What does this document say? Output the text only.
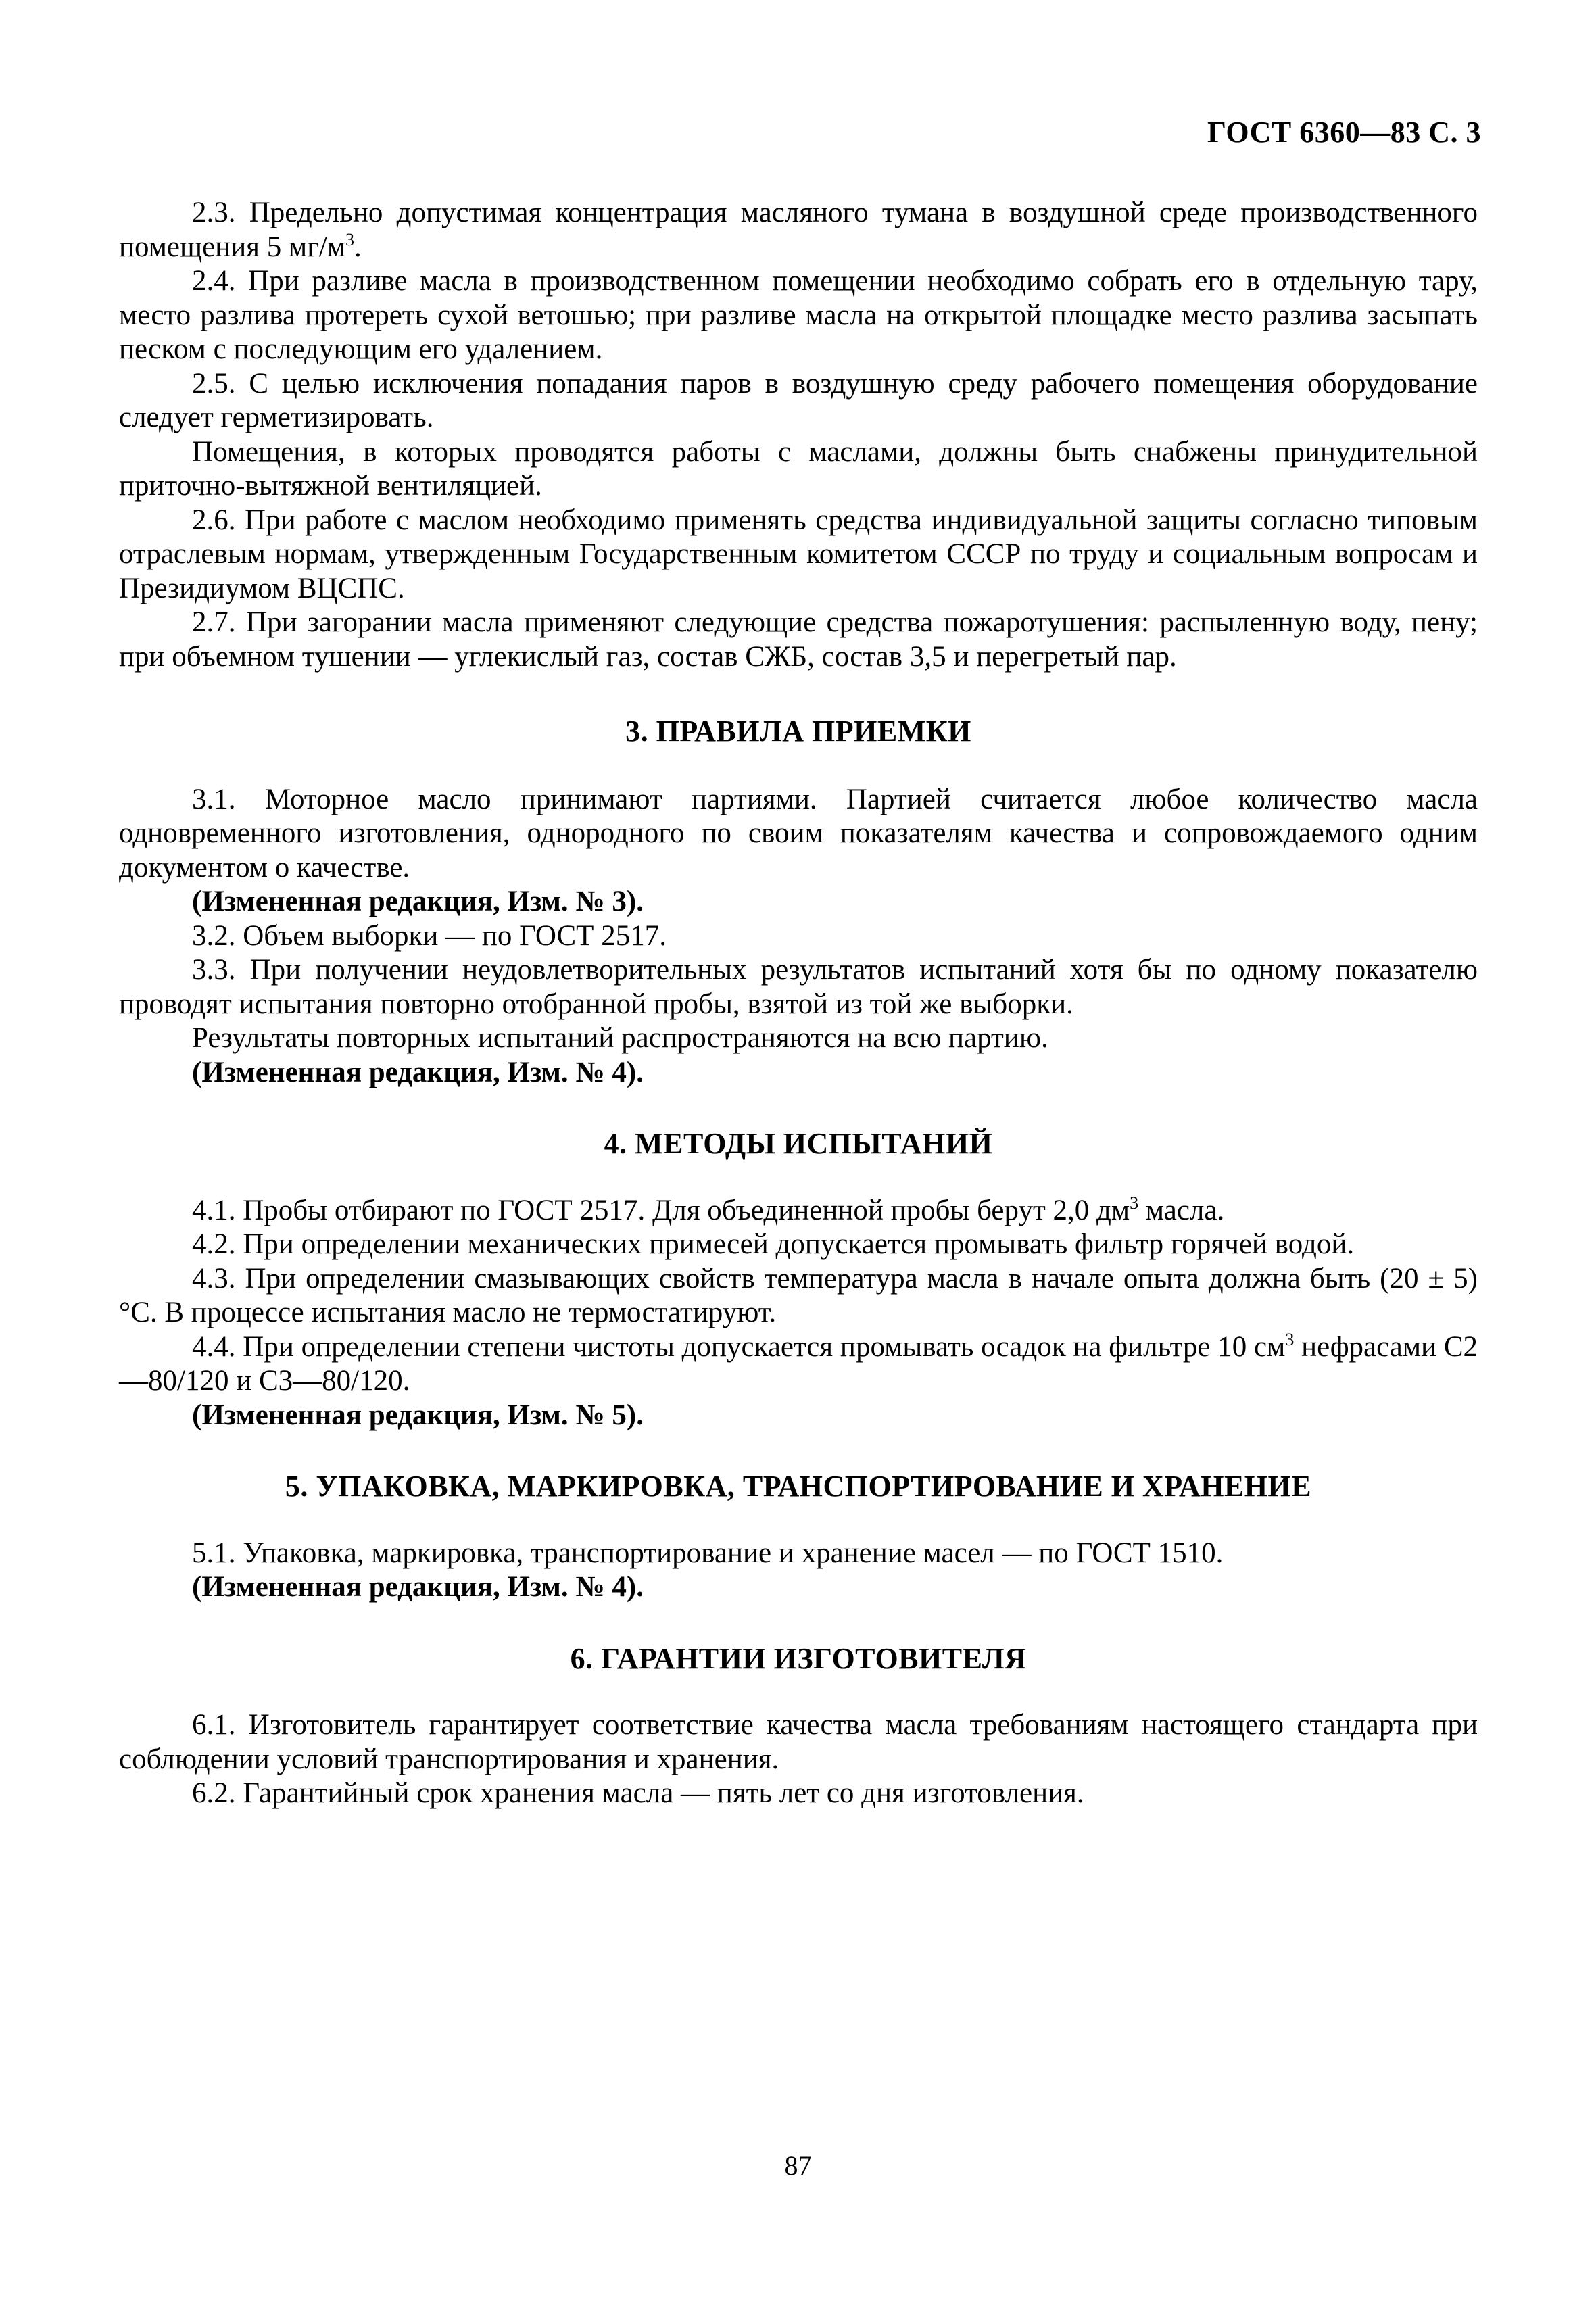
ГОСТ 6360—83 С. 3

2.3. Предельно допустимая концентрация масляного тумана в воздушной среде производственного помещения 5 $мг/м^3$.

2.4. При разливе масла в производственном помещении необходимо собрать его в отдельную тару, место разлива протереть сухой ветошью; при разливе масла на открытой площадке место разлива засыпать песком с последующим его удалением.

2.5. С целью исключения попадания паров в воздушную среду рабочего помещения оборудование следует герметизировать.

Помещения, в которых проводятся работы с маслами, должны быть снабжены принудительной приточно-вытяжной вентиляцией.

2.6. При работе с маслом необходимо применять средства индивидуальной защиты согласно типовым отраслевым нормам, утвержденным Государственным комитетом СССР по труду и социальным вопросам и Президиумом ВЦСПС.

2.7. При загорании масла применяют следующие средства пожаротушения: распыленную воду, пену; при объемном тушении — углекислый газ, состав СЖБ, состав 3,5 и перегретый пар.

3. ПРАВИЛА ПРИЕМКИ

3.1. Моторное масло принимают партиями. Партией считается любое количество масла одновременного изготовления, однородного по своим показателям качества и сопровождаемого одним документом о качестве.

(Измененная редакция, Изм. № 3).

3.2. Объем выборки — по ГОСТ 2517.

3.3. При получении неудовлетворительных результатов испытаний хотя бы по одному показателю проводят испытания повторно отобранной пробы, взятой из той же выборки.

Результаты повторных испытаний распространяются на всю партию.

(Измененная редакция, Изм. № 4).

4. МЕТОДЫ ИСПЫТАНИЙ

4.1. Пробы отбирают по ГОСТ 2517. Для объединенной пробы берут 2,0 $дм^3$ масла.

4.2. При определении механических примесей допускается промывать фильтр горячей водой.

4.3. При определении смазывающих свойств температура масла в начале опыта должна быть (20 ± 5) °С. В процессе испытания масло не термостатируют.

4.4. При определении степени чистоты допускается промывать осадок на фильтре 10 $см^3$ нефрасами С2—80/120 и С3—80/120.

(Измененная редакция, Изм. № 5).

5. УПАКОВКА, МАРКИРОВКА, ТРАНСПОРТИРОВАНИЕ И ХРАНЕНИЕ

5.1. Упаковка, маркировка, транспортирование и хранение масел — по ГОСТ 1510.

(Измененная редакция, Изм. № 4).

6. ГАРАНТИИ ИЗГОТОВИТЕЛЯ

6.1. Изготовитель гарантирует соответствие качества масла требованиям настоящего стандарта при соблюдении условий транспортирования и хранения.

6.2. Гарантийный срок хранения масла — пять лет со дня изготовления.

87
